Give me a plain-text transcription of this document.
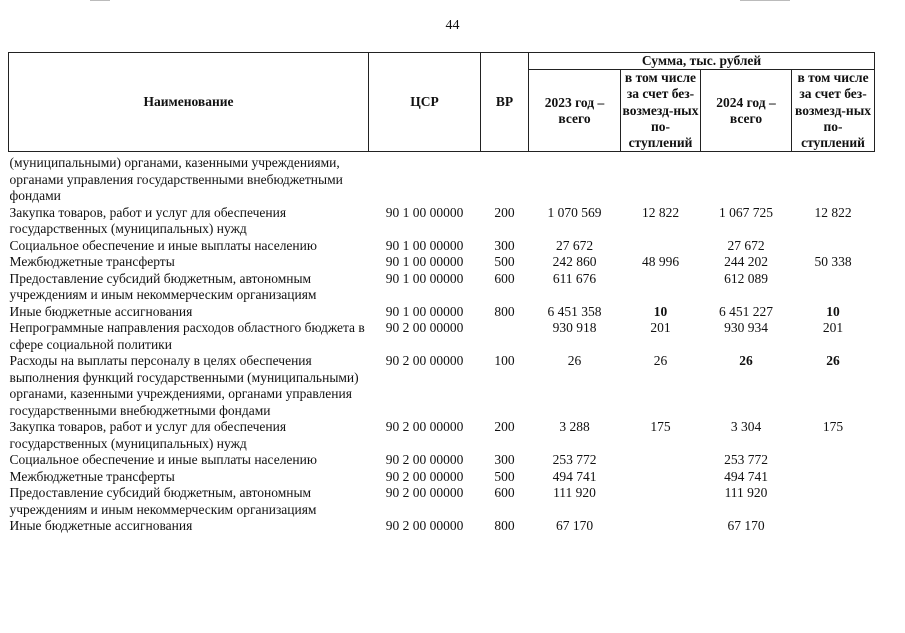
44
Наименование	ЦСР	ВР	Сумма, тыс. рублей			
			2023 год – всего	в том числе за счет без-возмезд-ных по-ступлений	2024 год – всего	в том числе за счет без-возмезд-ных по-ступлений

(муниципальными) органами, казенными учреждениями, органами управления государственными внебюджетными фондами						
Закупка товаров, работ и услуг для обеспечения государственных (муниципальных) нужд	90 1 00 00000	200	1 070 569	12 822	1 067 725	12 822
Социальное обеспечение и иные выплаты населению	90 1 00 00000	300	27 672		27 672	
Межбюджетные трансферты	90 1 00 00000	500	242 860	48 996	244 202	50 338
Предоставление субсидий бюджетным, автономным учреждениям и иным некоммерческим организациям	90 1 00 00000	600	611 676		612 089	
Иные бюджетные ассигнования	90 1 00 00000	800	6 451 358	10	6 451 227	10
Непрограммные направления расходов областного бюджета в сфере социальной политики	90 2 00 00000		930 918	201	930 934	201
Расходы на выплаты персоналу в целях обеспечения выполнения функций государственными (муниципальными) органами, казенными учреждениями, органами управления государственными внебюджетными фондами	90 2 00 00000	100	26	26	26	26
Закупка товаров, работ и услуг для обеспечения государственных (муниципальных) нужд	90 2 00 00000	200	3 288	175	3 304	175
Социальное обеспечение и иные выплаты населению	90 2 00 00000	300	253 772		253 772	
Межбюджетные трансферты	90 2 00 00000	500	494 741		494 741	
Предоставление субсидий бюджетным, автономным учреждениям и иным некоммерческим организациям	90 2 00 00000	600	111 920		111 920	
Иные бюджетные ассигнования	90 2 00 00000	800	67 170		67 170	
